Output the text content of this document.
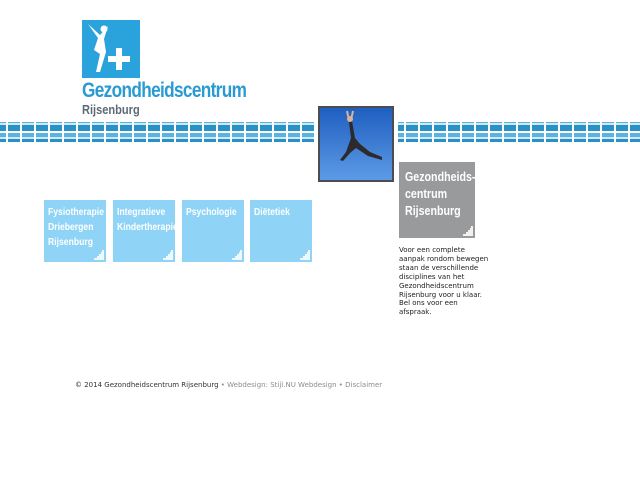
Gezondheidscentrum
Rijsenburg
Fysiotherapie
Driebergen
Rijsenburg
Integratieve
Kindertherapie
Psychologie Diëtetiek
Gezondheids-
centrum
Rijsenburg
Voor een complete aanpak rondom bewegen staan de verschillende disciplines van het Gezondheidscentrum Rijsenburg voor u klaar. Bel ons voor een afspraak.
© 2014 Gezondheidscentrum Rijsenburg • Webdesign: Stijl.NU Webdesign • Disclaimer
